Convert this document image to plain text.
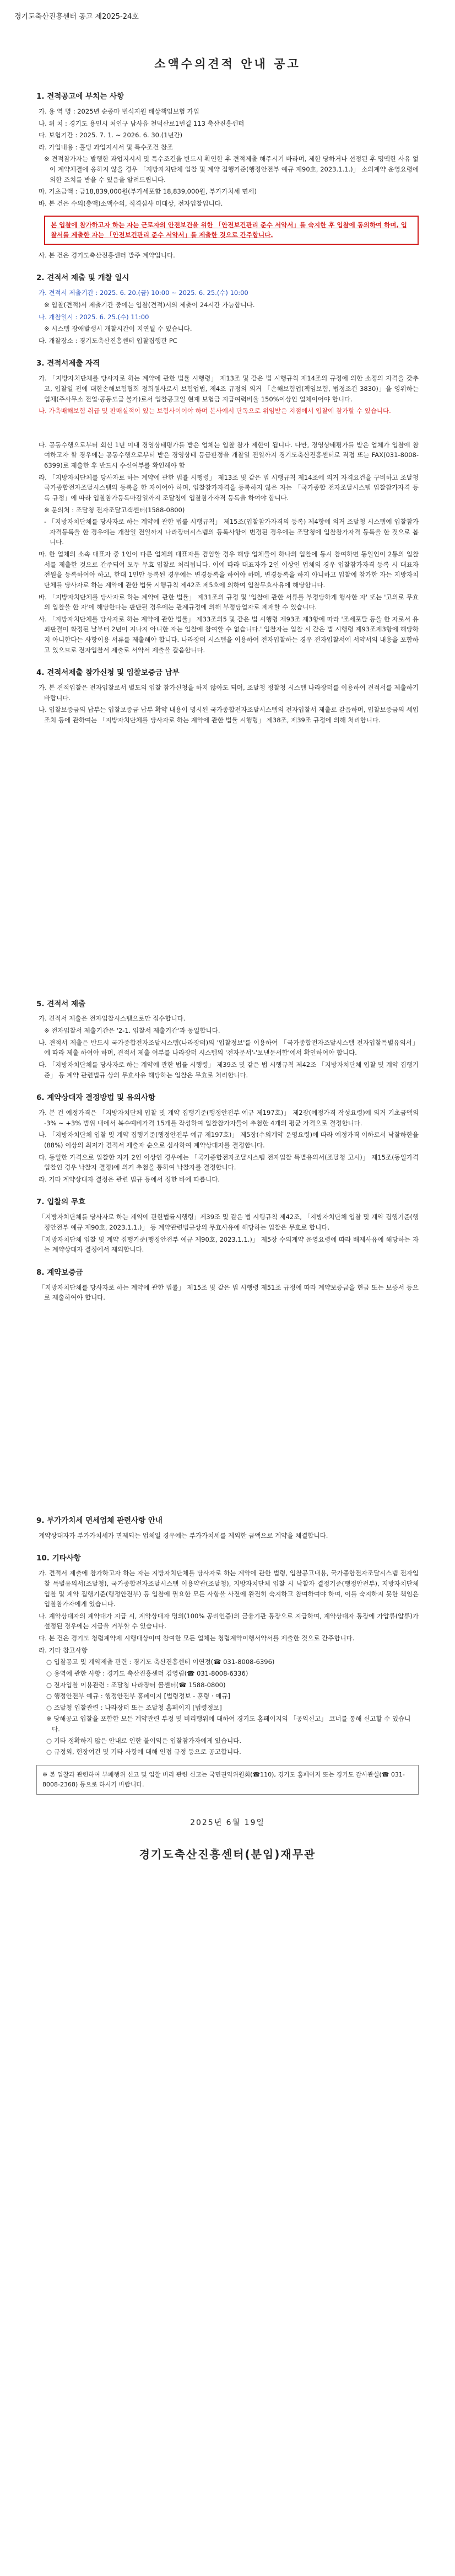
경기도축산진흥센터 공고 제2025-24호
소액수의견적 안내 공고
1. 견적공고에 부치는 사항
가. 용 역 명 : 2025년 순종마 번식지원 배상책임보험 가입
나. 위 치 : 경기도 용인시 처인구 남사읍 천덕산로1번길 113 축산진흥센터
다. 보험기간 : 2025. 7. 1. ~ 2026. 6. 30.(1년간)
라. 가입내용 : 홀딩 과업지시서 및 특수조건 참조
※ 견적참가자는 발행한 과업지시서 및 특수조건을 반드시 확인한 후 견적제출 해주시기 바라며, 제한 당하거나 선정된 후 명맥한 사유 없이 계약체결에 응하지 않을 경우 「지방자치단체 입찰 및 계약 집행기준(행정안전부 예규 제90호, 2023.1.1.)」 소의계약 운영요령에 의한 조치를 받을 수 있음을 알려드립니다.
마. 기초금액 : 금18,839,000원(부가세포함 18,839,000원, 부가가치세 면세)
바. 본 건은 수의(총액)소액수의, 적격심사 미대상, 전자입찰입니다.
본 입찰에 참가하고자 하는 자는 근로자의 안전보건을 위한 「안전보건관리 준수 서약서」를 숙지한 후 입찰에 동의하여 하며, 입찰서를 제출한 자는 「안전보건관리 준수 서약서」를 제출한 것으로 간주합니다.
사. 본 건은 경기도축산진흥센터 발주 계약입니다.
2. 견적서 제출 및 개찰 일시
가. 견적서 제출기간 : 2025. 6. 20.(금) 10:00 ~ 2025. 6. 25.(수) 10:00
※ 입찰(견적)서 제출기간 중에는 입찰(견적)서의 제출이 24시간 가능합니다.
나. 개찰일시 : 2025. 6. 25.(수) 11:00
※ 시스템 장애발생시 개찰시간이 지연될 수 있습니다.
다. 개찰장소 : 경기도축산진흥센터 입찰집행관 PC
3. 견적서제출 자격
가. 「지방자치단체를 당사자로 하는 계약에 관한 법률 시행령」 제13조 및 같은 법 시행규칙 제14조의 규정에 의한 소정의 자격을 갖추고, 입찰일 전에 대한손해보험협회 정회원사로서 보험업법, 제4조 규정의 의거 「손해보험업(책임보험, 법정조건 3830)」을 영위하는 업체(주사무소 전업·공동도급 불가)로서 입찰공고일 현재 보험금 지급여력비율 150%이상인 업체이어야 합니다.
나. 가축배해보험 취급 및 판매실적이 있는 보험사이어야 하며 본사에서 단독으로 위임받은 지점에서 입찰에 참가할 수 있습니다.
다. 공동수행으로부터 회신 1년 이내 경영상태평가를 받은 업체는 입찰 참가 제한이 됩니다. 다만, 경영상태평가를 받은 업체가 입찰에 참여하고자 할 경우에는 공동수행으로부터 받은 경영상태 등급판정을 개찰일 전일까지 경기도축산진흥센터로 직접 또는 FAX(031-8008-6399)로 제출한 후 반드시 수신여부를 확인해야 함
라. 「지방자치단체를 당사자로 하는 계약에 관한 법률 시행령」 제13조 및 같은 법 시행규칙 제14조에 의거 자격요건을 구비하고 조달청 국가종합전자조달시스템의 등록을 한 자이어야 하며, 입찰참가자격을 등록하지 않은 자는 「국가종합 전자조달시스템 입찰참가자격 등록 규정」에 따라 입찰참가등록마감일까지 조달청에 입찰참가자격 등록을 하여야 합니다.
※ 문의처 : 조달청 전자조달고객센터(1588-0800)
- 「지방자치단체를 당사자로 하는 계약에 관한 법률 시행규칙」 제15조(입찰참가자격의 등록) 제4항에 의거 조달청 시스템에 입찰참가자격등록을 한 경우에는 개찰일 전일까지 나라장터시스템의 등록사항이 변경된 경우에는 조달청에 입찰참가자격 등록을 한 것으로 봅니다.
마. 한 업체의 소속 대표자 중 1인이 다른 업체의 대표자를 겸임할 경우 해당 업체들이 하나의 입찰에 동시 참여하면 동일인이 2통의 입찰서를 제출한 것으로 간주되어 모두 무효 입찰로 처리됩니다. 이에 따라 대표자가 2인 이상인 업체의 경우 입찰참가자격 등록 시 대표자 전원을 등록하여야 하고, 한대 1인만 등록된 경우에는 변경등록을 하여야 하며, 변경등록을 하지 아니하고 입찰에 참가한 자는 지방자치단체를 당사자로 하는 계약에 관한 법률 시행규칙 제42조 제5호에 의하여 입찰무효사유에 해당합니다.
바. 「지방자치단체를 당사자로 하는 계약에 관한 법률」 제31조의 규정 및 '입찰에 관한 서류를 부정당하게 행사한 자' 또는 '고의로 무효의 입찰을 한 자'에 해당한다는 판단될 경우에는 관계규정에 의해 부정당업자로 제재할 수 있습니다.
사. 「지방자치단체를 당사자로 하는 계약에 관한 법률」 제33조의5 및 같은 법 시행령 제93조 제3항에 따라 '조세포탈 등을 한 자로서 유죄판결이 확정된 날부터 2년이 지나지 아니한 자는 입찰에 참여할 수 없습니다.' 입찰자는 입찰 시 같은 법 시행령 제93조제3항에 해당하지 아니한다는 사항이용 서류를 제출해야 합니다. 나라장터 시스템을 이용하여 전자입찰하는 경우 전자입찰서에 서약서의 내용을 포함하고 있으므로 전자입찰서 제출로 서약서 제출을 갈음합니다.
4. 견적서제출 참가신청 및 입찰보증금 납부
가. 본 견적입찰은 전자입찰로서 별도의 입찰 참가신청을 하지 않아도 되며, 조달청 정찰청 시스템 나라장터를 이용하여 견적서를 제출하기 바랍니다.
나. 입찰보증금의 납부는 입찰보증금 납부 확약 내용이 명시된 국가종합전자조달시스템의 전자입찰서 제출로 갈음하며, 입찰보증금의 세입조치 등에 관하여는 「지방자치단체를 당사자로 하는 계약에 관한 법률 시행령」 제38조, 제39조 규정에 의해 처리합니다.
5. 견적서 제출
가. 견적서 제출은 전자입찰시스템으로만 접수합니다.
※ 전자입찰서 제출기간은 '2-1. 입찰서 제출기간'과 동일합니다.
나. 견적서 제출은 반드시 국가종합전자조달시스템(나라장터)의 '입찰정보'를 이용하여 「국가종합전자조달시스템 전자입찰특별유의서」에 따라 제출 하여야 하며, 견적서 제출 여부를 나라장터 시스템의 '전자문서'-'보낸문서함'에서 확인하여야 합니다.
다. 「지방자치단체를 당사자로 하는 계약에 관한 법률 시행령」 제39조 및 같은 법 시행규칙 제42조 「지방자치단체 입찰 및 계약 집행기준」 등 계약 관련법규 상의 무효사유 해당하는 입찰은 무효로 처리합니다.
6. 계약상대자 결정방법 및 유의사항
가. 본 건 예정가격은 「지방자치단체 입찰 및 계약 집행기준(행정안전부 예규 제197호)」 제2장(예정가격 작성요령)에 의거 기초금액의 -3% ~ +3% 범위 내에서 복수예비가격 15개를 작성하여 입찰참가자들이 추첨한 4개의 평균 가격으로 결정합니다.
나. 「지방자치단체 입찰 및 계약 집행기준(행정안전부 예규 제197호)」 제5장(수의계약 운영요령)에 따라 예정가격 이하로서 낙찰하한율(88%) 이상의 최저가 견적서 제출자 순으로 심사하여 계약상대자를 결정합니다.
다. 동일한 가격으로 입찰한 자가 2인 이상인 경우에는 「국가종합전자조달시스템 전자입찰 특별유의서(조달청 고시)」 제15조(동일가격입찰인 경우 낙찰자 결정)에 의거 추첨을 통하여 낙찰자를 결정합니다.
라. 기타 계약상대자 결정은 관련 법규 등에서 정한 바에 따릅니다.
7. 입찰의 무효
「지방자치단체를 당사자로 하는 계약에 관한법률시행령」제39조 및 같은 법 시행규칙 제42조, 「지방자치단체 입찰 및 계약 집행기준(행정안전부 예규 제90호, 2023.1.1.)」 등 계약관련법규상의 무효사유에 해당하는 입찰은 무효로 합니다.
「지방자치단체 입찰 및 계약 집행기준(행정안전부 예규 제90호, 2023.1.1.)」 제5장 수의계약 운영요령에 따라 배제사유에 해당하는 자는 계약상대자 결정에서 제외합니다.
8. 계약보증금
「지방자치단체를 당사자로 하는 계약에 관한 법률」 제15조 및 같은 법 시행령 제51조 규정에 따라 계약보증금을 현금 또는 보증서 등으로 제출하여야 합니다.
9. 부가가치세 면세업체 관련사항 안내
계약상대자가 부가가치세가 면제되는 업체일 경우에는 부가가치세를 제외한 금액으로 계약을 체결합니다.
10. 기타사항
가. 견적서 제출에 참가하고자 하는 자는 지방자치단체를 당사자로 하는 계약에 관한 법령, 입찰공고내용, 국가종합전자조달시스템 전자입찰 특별유의서(조달청), 국가종합전자조달시스템 이용약관(조달청), 지방자치단체 입찰 시 낙찰자 결정기준(행정안전부), 지방자치단체 입찰 및 계약 집행기준(행정안전부) 등 입찰에 필요한 모든 사항을 사전에 완전히 숙지하고 참여하여야 하며, 이를 숙지하지 못한 책임은 입찰참가자에게 있습니다.
나. 계약상대자의 계약대가 지급 시, 계약상대자 명의(100% 공리인증)의 금융기관 통장으로 지급하며, 계약상대자 통장에 가압류(압류)가 설정된 경우에는 지급을 거부할 수 있습니다.
다. 본 건은 경기도 청렴계약제 시행대상이며 참여한 모든 업체는 청렴계약이행서약서를 제출한 것으로 간주합니다.
라. 기타 참고사항
○ 입찰공고 및 계약제출 관련 : 경기도 축산진흥센터 이연정(☎ 031-8008-6396)
○ 용역에 관한 사항 : 경기도 축산진흥센터 김영림(☎ 031-8008-6336)
○ 전자입찰 이용관련 : 조달청 나라장터 콜센터(☎ 1588-0800)
○ 행정안전부 예규 : 행정안전부 홈페이지 [법령정보 - 훈령 · 예규]
○ 조달청 입찰관련 : 나라장터 또는 조달청 홈페이지 [법령정보]
※ 당해공고 입찰을 포함한 모든 계약관련 부정 및 비리행위에 대하여 경기도 홈페이지의 「공익신고」 코너를 통해 신고할 수 있습니다.
○ 기타 정확하지 않은 안내로 인한 불이익은 입찰참가자에게 있습니다.
○ 규정외, 현장여건 및 기타 사항에 대해 인접 규정 등으로 공고합니다.
※ 본 입찰과 관련하여 부패행위 신고 및 입찰 비리 관련 신고는 국민권익위원회(☎110), 경기도 홈페이지 또는 경기도 감사관실(☎ 031-8008-2368) 등으로 하시기 바랍니다.
2025년 6월 19일
경기도축산진흥센터(분임)재무관
